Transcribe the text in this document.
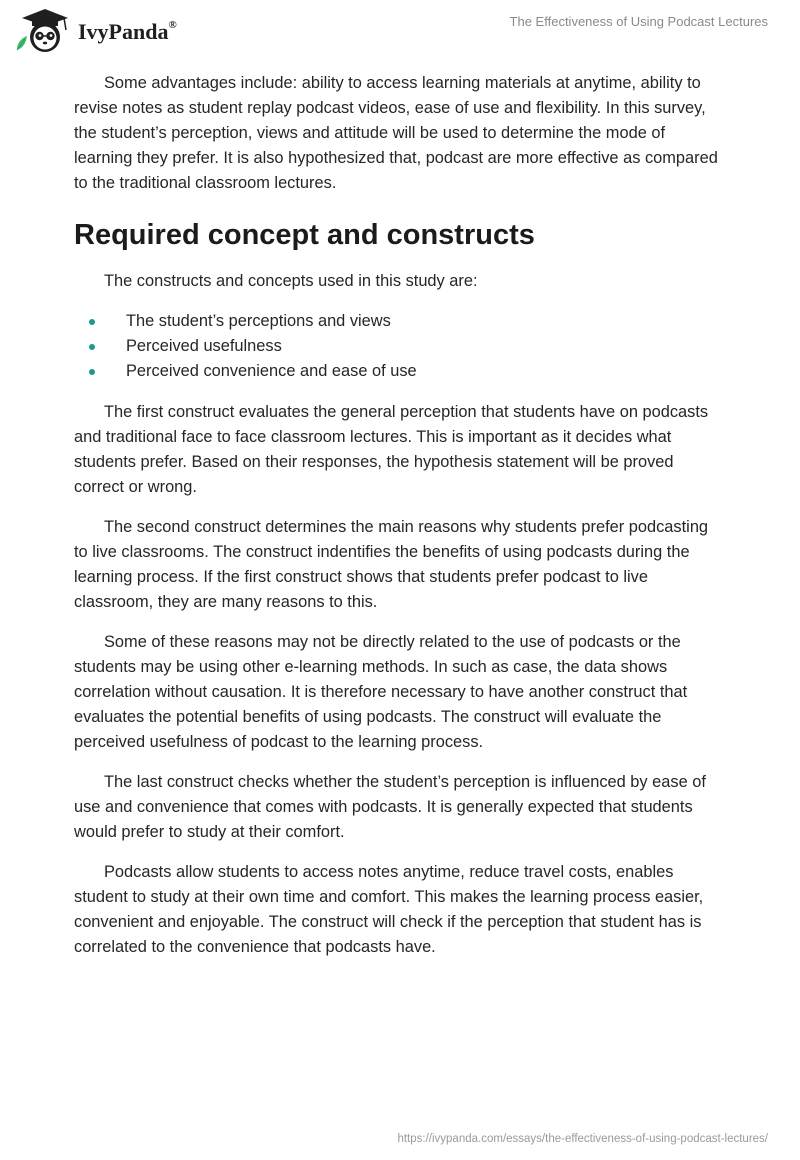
IvyPanda®	The Effectiveness of Using Podcast Lectures

Some advantages include: ability to access learning materials at anytime, ability to revise notes as student replay podcast videos, ease of use and flexibility. In this survey, the student’s perception, views and attitude will be used to determine the mode of learning they prefer. It is also hypothesized that, podcast are more effective as compared to the traditional classroom lectures.

Required concept and constructs

The constructs and concepts used in this study are:

The student’s perceptions and views
Perceived usefulness
Perceived convenience and ease of use

The first construct evaluates the general perception that students have on podcasts and traditional face to face classroom lectures. This is important as it decides what students prefer. Based on their responses, the hypothesis statement will be proved correct or wrong.

The second construct determines the main reasons why students prefer podcasting to live classrooms. The construct indentifies the benefits of using podcasts during the learning process. If the first construct shows that students prefer podcast to live classroom, they are many reasons to this.

Some of these reasons may not be directly related to the use of podcasts or the students may be using other e-learning methods. In such as case, the data shows correlation without causation. It is therefore necessary to have another construct that evaluates the potential benefits of using podcasts. The construct will evaluate the perceived usefulness of podcast to the learning process.

The last construct checks whether the student’s perception is influenced by ease of use and convenience that comes with podcasts. It is generally expected that students would prefer to study at their comfort.

Podcasts allow students to access notes anytime, reduce travel costs, enables student to study at their own time and comfort. This makes the learning process easier, convenient and enjoyable. The construct will check if the perception that student has is correlated to the convenience that podcasts have.

https://ivypanda.com/essays/the-effectiveness-of-using-podcast-lectures/
